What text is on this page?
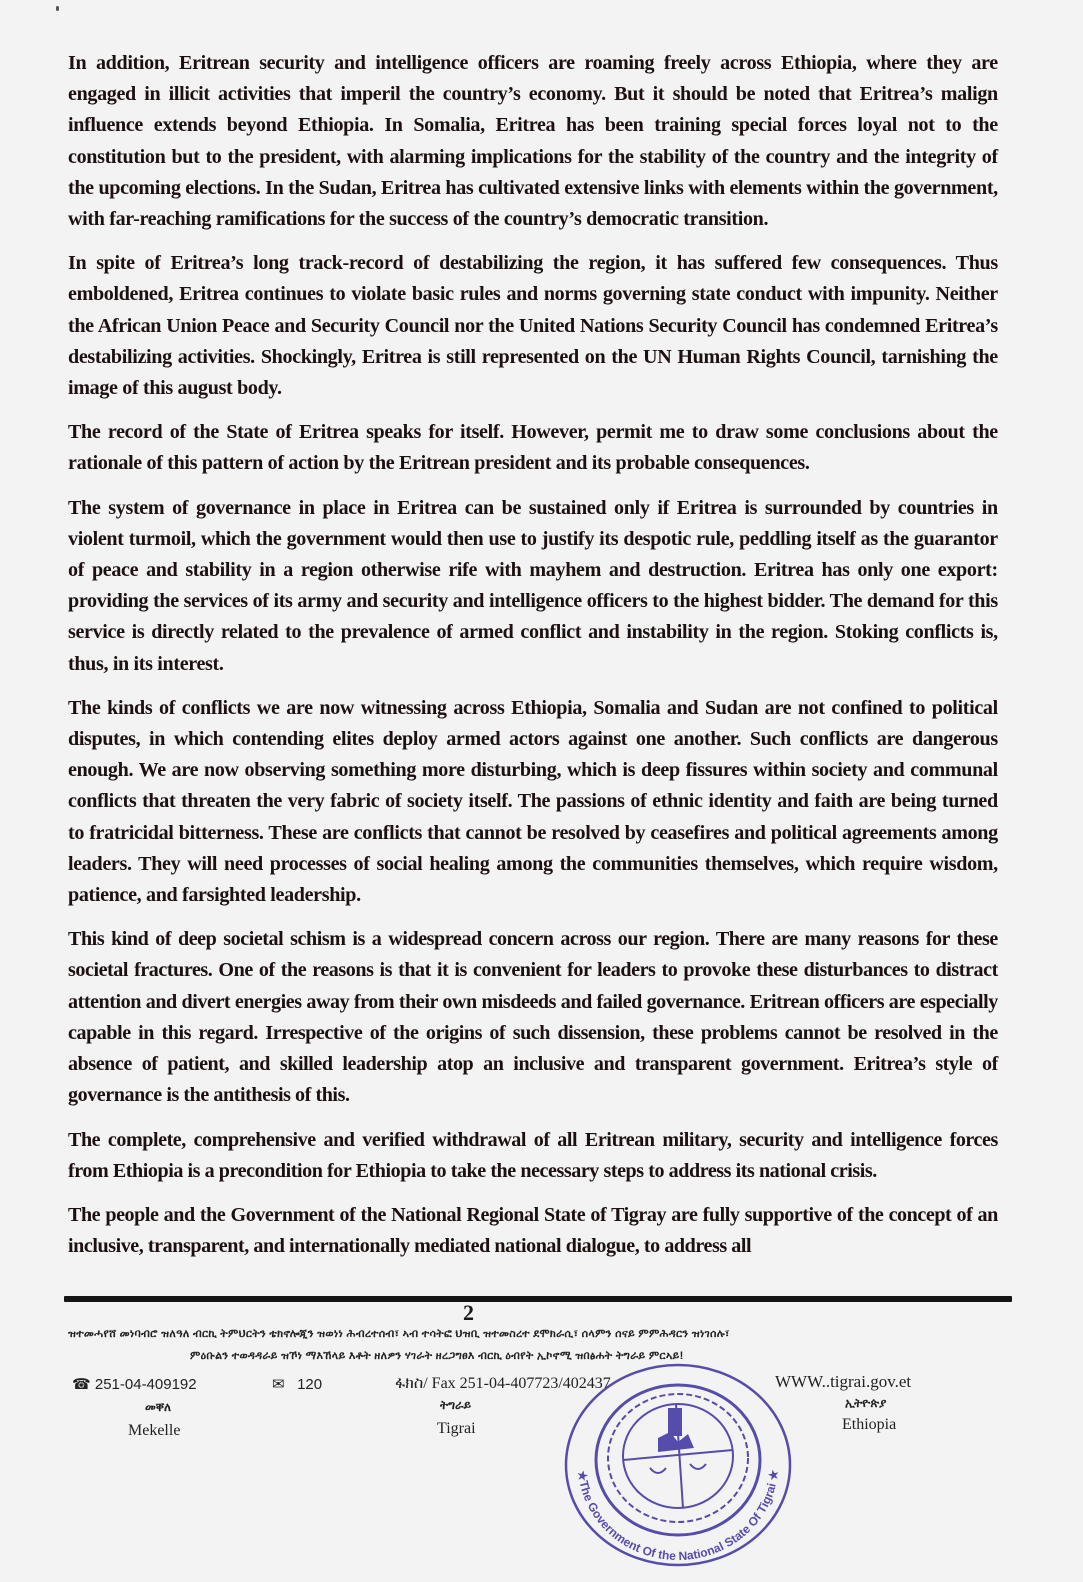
In addition, Eritrean security and intelligence officers are roaming freely across Ethiopia, where they are engaged in illicit activities that imperil the country’s economy. But it should be noted that Eritrea’s malign influence extends beyond Ethiopia. In Somalia, Eritrea has been training special forces loyal not to the constitution but to the president, with alarming implications for the stability of the country and the integrity of the upcoming elections. In the Sudan, Eritrea has cultivated extensive links with elements within the government, with far-reaching ramifications for the success of the country’s democratic transition.

In spite of Eritrea’s long track-record of destabilizing the region, it has suffered few consequences. Thus emboldened, Eritrea continues to violate basic rules and norms governing state conduct with impunity. Neither the African Union Peace and Security Council nor the United Nations Security Council has condemned Eritrea’s destabilizing activities. Shockingly, Eritrea is still represented on the UN Human Rights Council, tarnishing the image of this august body.

The record of the State of Eritrea speaks for itself. However, permit me to draw some conclusions about the rationale of this pattern of action by the Eritrean president and its probable consequences.

The system of governance in place in Eritrea can be sustained only if Eritrea is surrounded by countries in violent turmoil, which the government would then use to justify its despotic rule, peddling itself as the guarantor of peace and stability in a region otherwise rife with mayhem and destruction. Eritrea has only one export: providing the services of its army and security and intelligence officers to the highest bidder. The demand for this service is directly related to the prevalence of armed conflict and instability in the region. Stoking conflicts is, thus, in its interest.

The kinds of conflicts we are now witnessing across Ethiopia, Somalia and Sudan are not confined to political disputes, in which contending elites deploy armed actors against one another. Such conflicts are dangerous enough. We are now observing something more disturbing, which is deep fissures within society and communal conflicts that threaten the very fabric of society itself. The passions of ethnic identity and faith are being turned to fratricidal bitterness. These are conflicts that cannot be resolved by ceasefires and political agreements among leaders. They will need processes of social healing among the communities themselves, which require wisdom, patience, and farsighted leadership.

This kind of deep societal schism is a widespread concern across our region. There are many reasons for these societal fractures. One of the reasons is that it is convenient for leaders to provoke these disturbances to distract attention and divert energies away from their own misdeeds and failed governance. Eritrean officers are especially capable in this regard. Irrespective of the origins of such dissension, these problems cannot be resolved in the absence of patient, and skilled leadership atop an inclusive and transparent government. Eritrea’s style of governance is the antithesis of this.

The complete, comprehensive and verified withdrawal of all Eritrean military, security and intelligence forces from Ethiopia is a precondition for Ethiopia to take the necessary steps to address its national crisis.

The people and the Government of the National Regional State of Tigray are fully supportive of the concept of an inclusive, transparent, and internationally mediated national dialogue, to address all

2
ዝተመሓየሸ መነባብሮ ዝለዓለ ብርኪ ትምህርትን ቴክኖሎጂን ዝወነነ ሕብረተሰብ፣ ኣብ ተሳትፎ ህዝቢ ዝተመስረተ ደሞክራሲ፣ ሰላምን ሰናይ ምምሕዳርን ዝነገሰሉ፣
ምዕቡልን ተወዳዳራይ ዝኾነ ማእኸላይ እቶት ዘለዎን ሃገራት ዘረጋግፀእ ብርኪ ዕብየት ኢኮኖሚ ዝበፅሐት ትግራይ ምርኣይ!
☎ 251-04-409192	✉ 120	ፋክስ/ Fax 251-04-407723/402437	WWW..tigrai.gov.et
መቐለ
Mekelle
ትግራይ
Tigrai
ኢትዮጵያ
Ethiopia
★The Government Of the National State Of Tigrai ★
